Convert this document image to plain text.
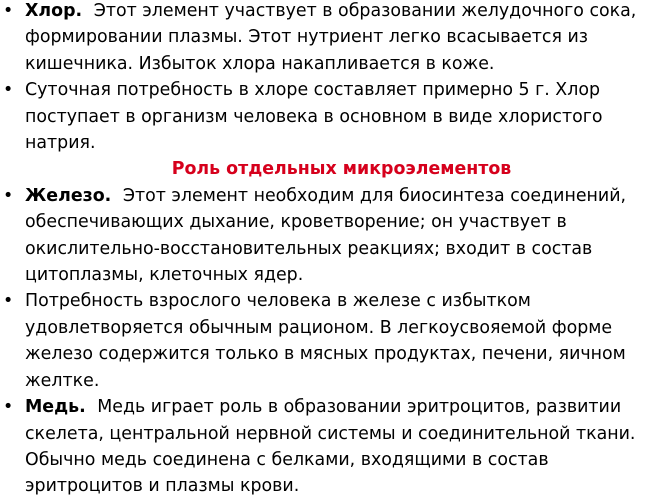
• Хлор. Этот элемент участвует в образовании желудочного сока, формировании плазмы. Этот нутриент легко всасывается из кишечника. Избыток хлора накапливается в коже.
• Суточная потребность в хлоре составляет примерно 5 г. Хлор поступает в организм человека в основном в виде хлористого натрия.

Роль отдельных микроэлементов

• Железо. Этот элемент необходим для биосинтеза соединений, обеспечивающих дыхание, кроветворение; он участвует в окислительно-восстановительных реакциях; входит в состав цитоплазмы, клеточных ядер.
• Потребность взрослого человека в железе с избытком удовлетворяется обычным рационом. В легкоусвояемой форме железо содержится только в мясных продуктах, печени, яичном желтке.
• Медь. Медь играет роль в образовании эритроцитов, развитии скелета, центральной нервной системы и соединительной ткани. Обычно медь соединена с белками, входящими в состав эритроцитов и плазмы крови.
